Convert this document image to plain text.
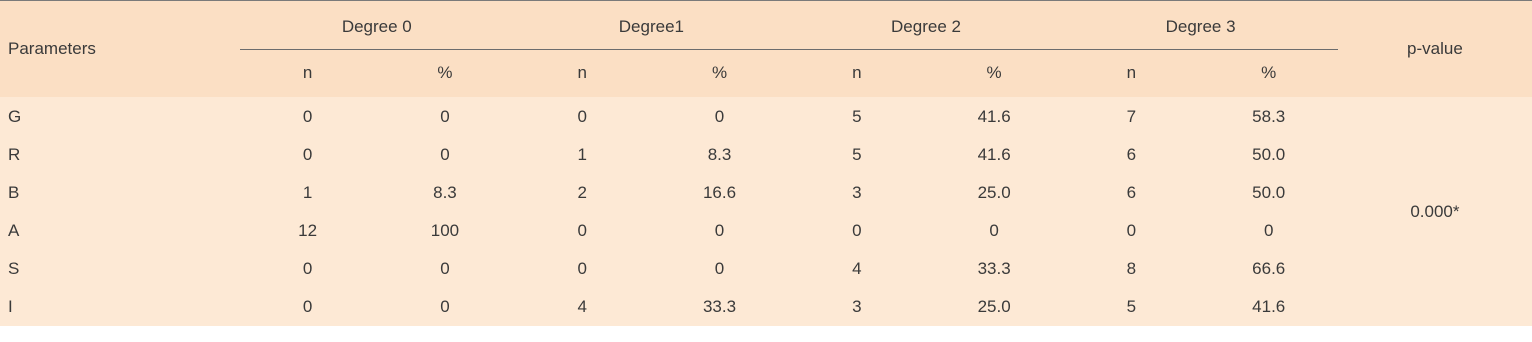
Parameters	Degree 0		Degree1		Degree 2		Degree 3		p-value
	n	%	n	%	n	%	n	%	
G	0	0	0	0	5	41.6	7	58.3	0.000*
R	0	0	1	8.3	5	41.6	6	50.0	
B	1	8.3	2	16.6	3	25.0	6	50.0	
A	12	100	0	0	0	0	0	0	
S	0	0	0	0	4	33.3	8	66.6	
I	0	0	4	33.3	3	25.0	5	41.6	
